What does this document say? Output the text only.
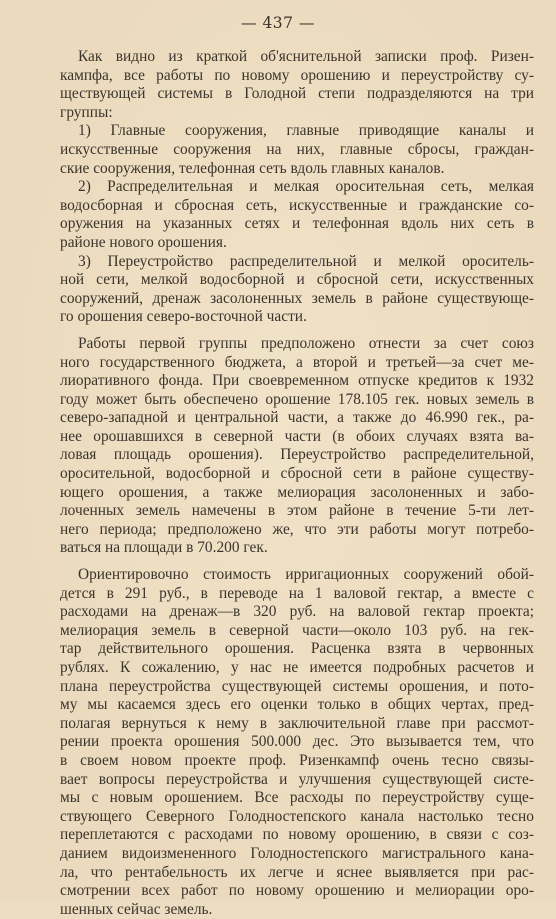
— 437 —
Как видно из краткой об'яснительной записки проф. Ризен-
кампфа, все работы по новому орошению и переустройству су-
ществующей системы в Голодной степи подразделяются на три
группы:
1) Главные сооружения, главные приводящие каналы и
искусственные сооружения на них, главные сбросы, граждан-
ские сооружения, телефонная сеть вдоль главных каналов.
2) Распределительная и мелкая оросительная сеть, мелкая
водосборная и сбросная сеть, искусственные и гражданские со-
оружения на указанных сетях и телефонная вдоль них сеть в
районе нового орошения.
3) Переустройство распределительной и мелкой ороситель-
ной сети, мелкой водосборной и сбросной сети, искусственных
сооружений, дренаж засолоненных земель в районе существующе-
го орошения северо-восточной части.
Работы первой группы предположено отнести за счет союз
ного государственного бюджета, а второй и третьей—за счет ме-
лиоративного фонда. При своевременном отпуске кредитов к 1932
году может быть обеспечено орошение 178.105 гек. новых земель в
северо-западной и центральной части, а также до 46.990 гек., ра-
нее орошавшихся в северной части (в обоих случаях взята ва-
ловая площадь орошения). Переустройство распределительной,
оросительной, водосборной и сбросной сети в районе существу-
ющего орошения, а также мелиорация засолоненных и забо-
лоченных земель намечены в этом районе в течение 5-ти лет-
него периода; предположено же, что эти работы могут потребо-
ваться на площади в 70.200 гек.
Ориентировочно стоимость ирригационных сооружений обой-
дется в 291 руб., в переводе на 1 валовой гектар, а вместе с
расходами на дренаж—в 320 руб. на валовой гектар проекта;
мелиорация земель в северной части—около 103 руб. на гек-
тар действительного орошения. Расценка взята в червонных
рублях. К сожалению, у нас не имеется подробных расчетов и
плана переустройства существующей системы орошения, и пото-
му мы касаемся здесь его оценки только в общих чертах, пред-
полагая вернуться к нему в заключительной главе при рассмот-
рении проекта орошения 500.000 дес. Это вызывается тем, что
в своем новом проекте проф. Ризенкампф очень тесно связы-
вает вопросы переустройства и улучшения существующей систе-
мы с новым орошением. Все расходы по переустройству суще-
ствующего Северного Голодностепского канала настолько тесно
переплетаются с расходами по новому орошению, в связи с соз-
данием видоизмененного Голодностепского магистрального кана-
ла, что рентабельность их легче и яснее выявляется при рас-
смотрении всех работ по новому орошению и мелиорации оро-
шенных сейчас земель.
